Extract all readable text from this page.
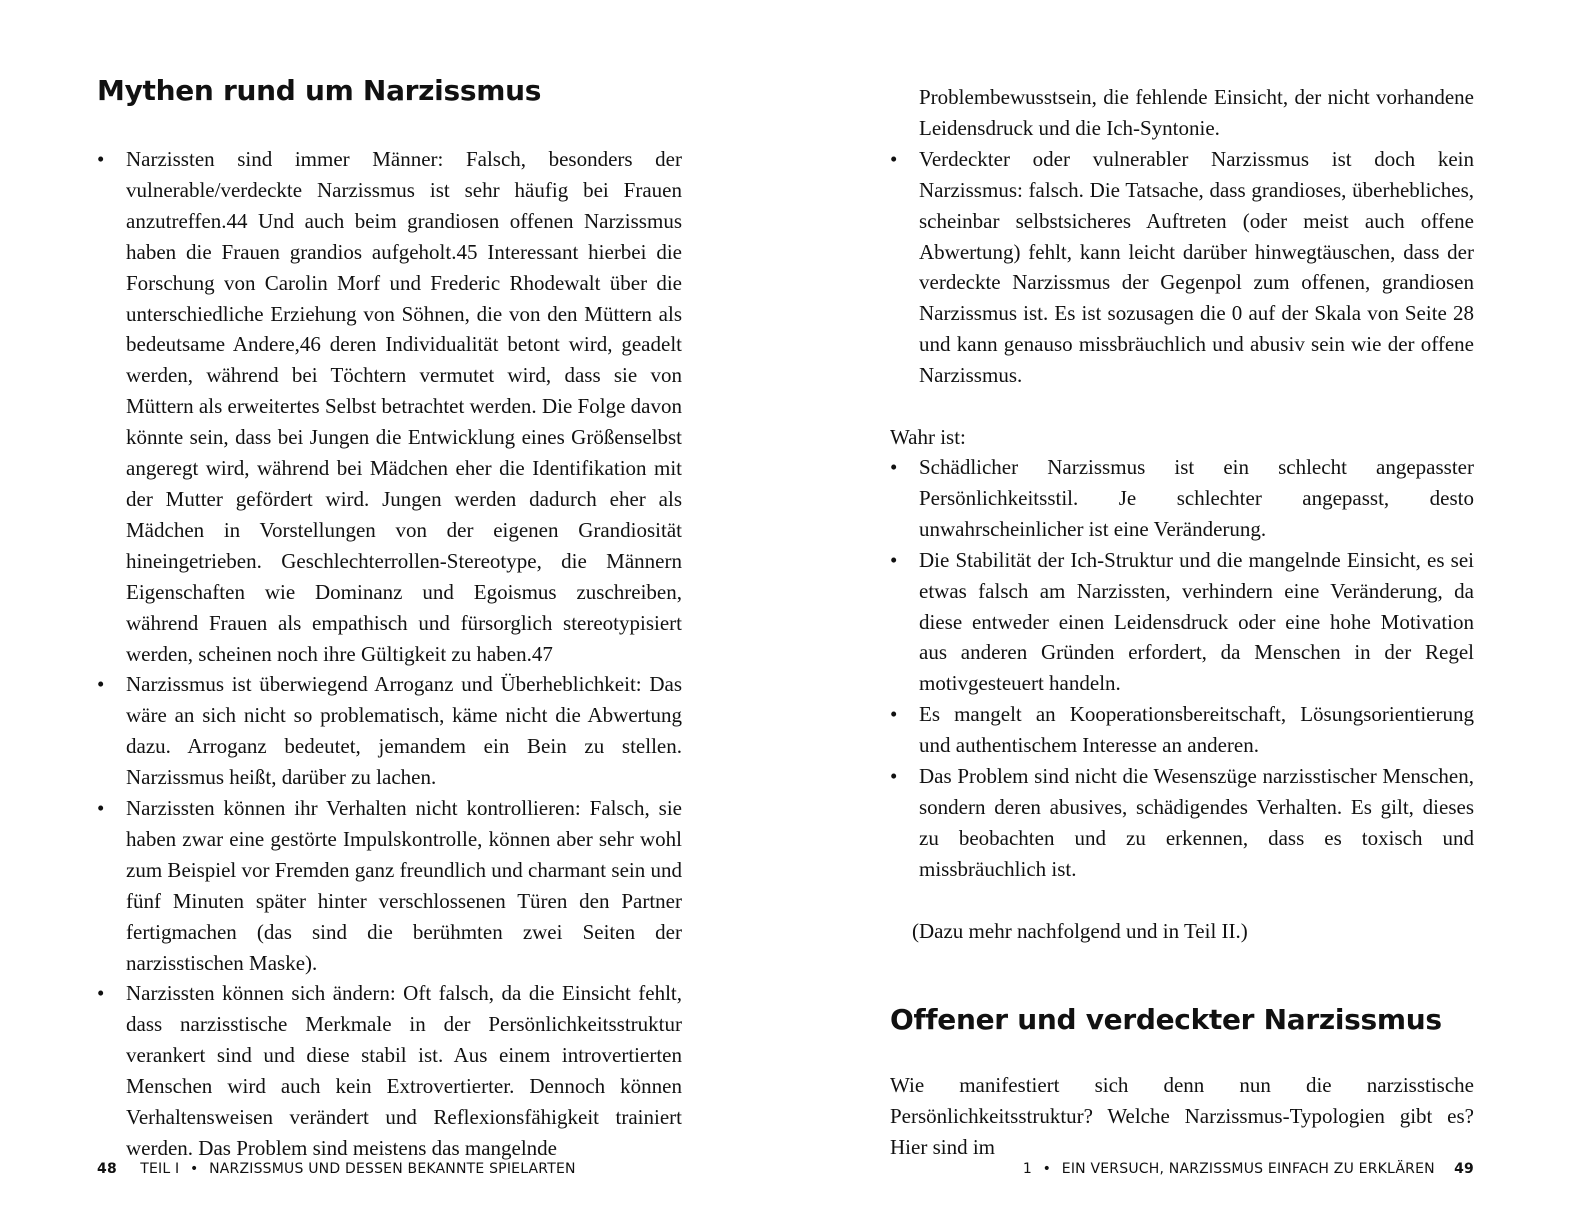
Mythen rund um Narzissmus
• Narzissten sind immer Männer: Falsch, besonders der vulnerable/verdeckte Narzissmus ist sehr häufig bei Frauen anzutreffen.44 Und auch beim grandiosen offenen Narzissmus haben die Frauen grandios aufgeholt.45 Interessant hierbei die Forschung von Carolin Morf und Frederic Rhodewalt über die unterschiedliche Erziehung von Söhnen, die von den Müttern als bedeutsame Andere,46 deren Individualität betont wird, geadelt werden, während bei Töchtern vermutet wird, dass sie von Müttern als erweitertes Selbst betrachtet werden. Die Folge davon könnte sein, dass bei Jungen die Entwicklung eines Größenselbst angeregt wird, während bei Mädchen eher die Identifikation mit der Mutter gefördert wird. Jungen werden dadurch eher als Mädchen in Vorstellungen von der eigenen Grandiosität hineingetrieben. Geschlechterrollen-Stereotype, die Männern Eigenschaften wie Dominanz und Egoismus zuschreiben, während Frauen als empathisch und fürsorglich stereotypisiert werden, scheinen noch ihre Gültigkeit zu haben.47
• Narzissmus ist überwiegend Arroganz und Überheblichkeit: Das wäre an sich nicht so problematisch, käme nicht die Abwertung dazu. Arroganz bedeutet, jemandem ein Bein zu stellen. Narzissmus heißt, darüber zu lachen.
• Narzissten können ihr Verhalten nicht kontrollieren: Falsch, sie haben zwar eine gestörte Impulskontrolle, können aber sehr wohl zum Beispiel vor Fremden ganz freundlich und charmant sein und fünf Minuten später hinter verschlossenen Türen den Partner fertigmachen (das sind die berühmten zwei Seiten der narzisstischen Maske).
• Narzissten können sich ändern: Oft falsch, da die Einsicht fehlt, dass narzisstische Merkmale in der Persönlichkeitsstruktur verankert sind und diese stabil ist. Aus einem introvertierten Menschen wird auch kein Extrovertierter. Dennoch können Verhaltensweisen verändert und Reflexionsfähigkeit trainiert werden. Das Problem sind meistens das mangelnde
48 TEIL I • NARZISSMUS UND DESSEN BEKANNTE SPIELARTEN

Problembewusstsein, die fehlende Einsicht, der nicht vorhandene Leidensdruck und die Ich-Syntonie.

• Verdeckter oder vulnerabler Narzissmus ist doch kein Narzissmus: falsch. Die Tatsache, dass grandioses, überhebliches, scheinbar selbstsicheres Auftreten (oder meist auch offene Abwertung) fehlt, kann leicht darüber hinwegtäuschen, dass der verdeckte Narzissmus der Gegenpol zum offenen, grandiosen Narzissmus ist. Es ist sozusagen die 0 auf der Skala von Seite 28 und kann genauso missbräuchlich und abusiv sein wie der offene Narzissmus.

Wahr ist:

• Schädlicher Narzissmus ist ein schlecht angepasster Persönlichkeitsstil. Je schlechter angepasst, desto unwahrscheinlicher ist eine Veränderung.
• Die Stabilität der Ich-Struktur und die mangelnde Einsicht, es sei etwas falsch am Narzissten, verhindern eine Veränderung, da diese entweder einen Leidensdruck oder eine hohe Motivation aus anderen Gründen erfordert, da Menschen in der Regel motivgesteuert handeln.
• Es mangelt an Kooperationsbereitschaft, Lösungsorientierung und authentischem Interesse an anderen.
• Das Problem sind nicht die Wesenszüge narzisstischer Menschen, sondern deren abusives, schädigendes Verhalten. Es gilt, dieses zu beobachten und zu erkennen, dass es toxisch und missbräuchlich ist.

(Dazu mehr nachfolgend und in Teil II.)

Offener und verdeckter Narzissmus

Wie manifestiert sich denn nun die narzisstische Persönlichkeitsstruktur? Welche Narzissmus-Typologien gibt es? Hier sind im

1 • EIN VERSUCH, NARZISSMUS EINFACH ZU ERKLÄREN 49
